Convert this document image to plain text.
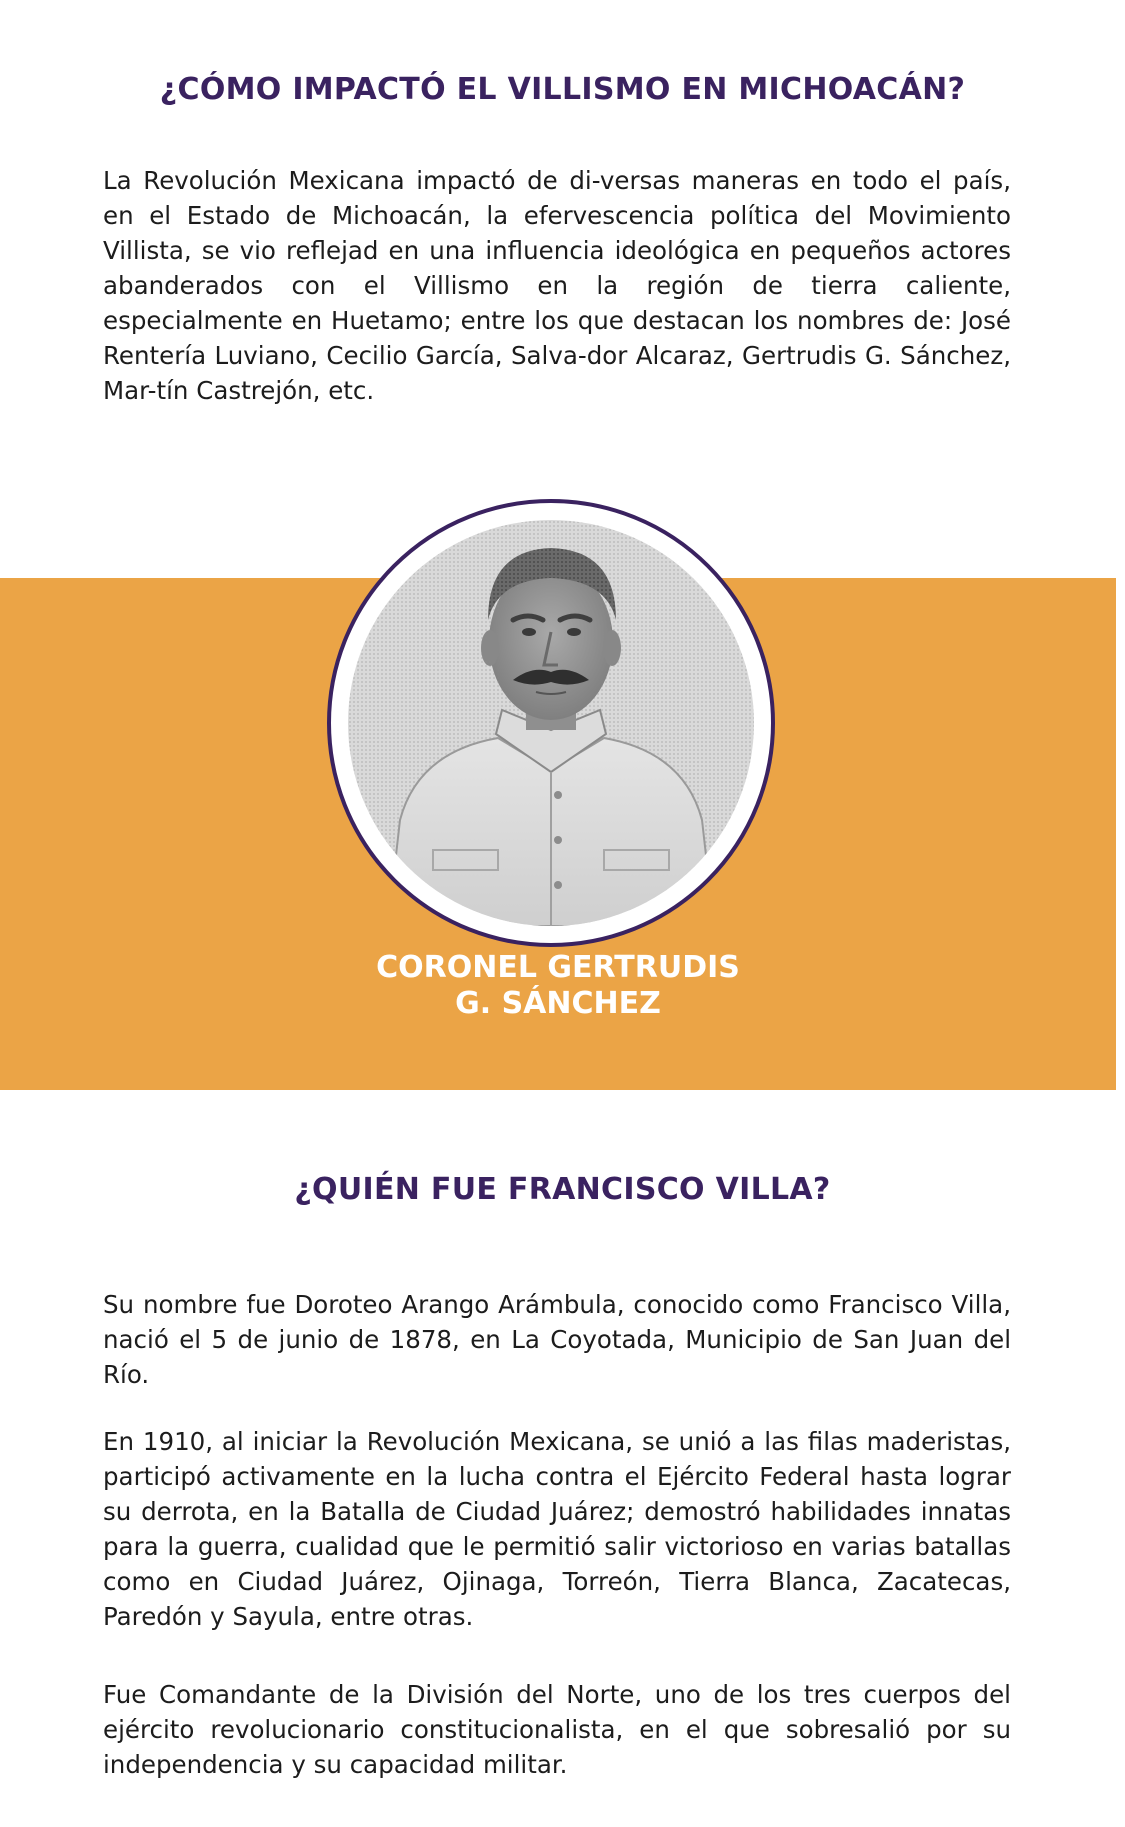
¿CÓMO IMPACTÓ EL VILLISMO EN MICHOACÁN?

La Revolución Mexicana impactó de di-versas maneras en todo el país, en el Estado de Michoacán, la efervescencia política del Movimiento Villista, se vio reflejad en una influencia ideológica en pequeños actores abanderados con el Villismo en la región de tierra caliente, especialmente en Huetamo; entre los que destacan los nombres de: José Rentería Luviano, Cecilio García, Salva-dor Alcaraz, Gertrudis G. Sánchez, Mar-tín Castrejón, etc.

CORONEL GERTRUDIS
G. SÁNCHEZ
¿QUIÉN FUE FRANCISCO VILLA?

Su nombre fue Doroteo Arango Arámbula, conocido como Francisco Villa, nació el 5 de junio de 1878, en La Coyotada, Municipio de San Juan del Río.

En 1910, al iniciar la Revolución Mexicana, se unió a las filas maderistas, participó activamente en la lucha contra el Ejército Federal hasta lograr su derrota, en la Batalla de Ciudad Juárez; demostró habilidades innatas para la guerra, cualidad que le permitió salir victorioso en varias batallas como en Ciudad Juárez, Ojinaga, Torreón, Tierra Blanca, Zacatecas, Paredón y Sayula, entre otras.

Fue Comandante de la División del Norte, uno de los tres cuerpos del ejército revolucionario constitucionalista, en el que sobresalió por su independencia y su capacidad militar.
